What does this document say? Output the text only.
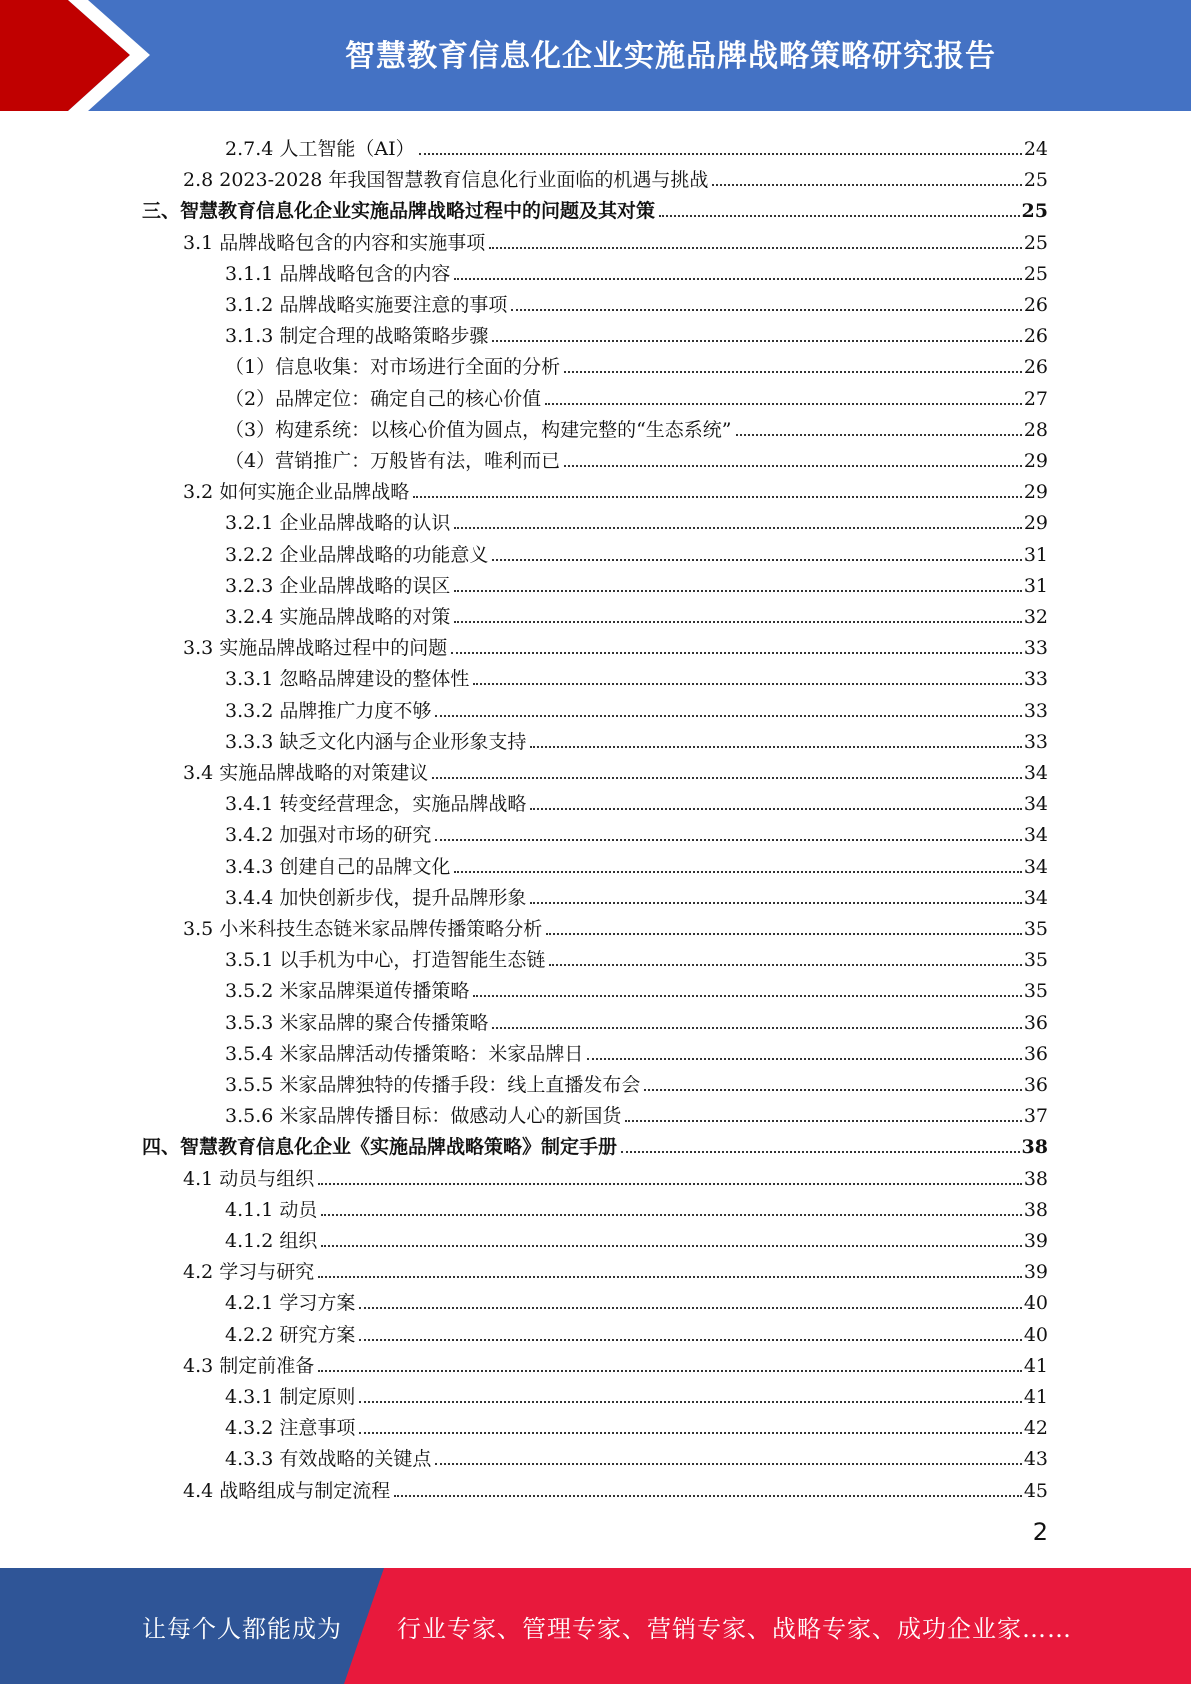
智慧教育信息化企业实施品牌战略策略研究报告
2.7.4 人工智能（AI）	24
2.8 2023-2028 年我国智慧教育信息化行业面临的机遇与挑战	25
三、智慧教育信息化企业实施品牌战略过程中的问题及其对策	25
3.1 品牌战略包含的内容和实施事项	25
3.1.1 品牌战略包含的内容	25
3.1.2 品牌战略实施要注意的事项	26
3.1.3 制定合理的战略策略步骤	26
（1）信息收集：对市场进行全面的分析	26
（2）品牌定位：确定自己的核心价值	27
（3）构建系统：以核心价值为圆点，构建完整的“生态系统”	28
（4）营销推广：万般皆有法，唯利而已	29
3.2 如何实施企业品牌战略	29
3.2.1 企业品牌战略的认识	29
3.2.2 企业品牌战略的功能意义	31
3.2.3 企业品牌战略的误区	31
3.2.4 实施品牌战略的对策	32
3.3 实施品牌战略过程中的问题	33
3.3.1 忽略品牌建设的整体性	33
3.3.2 品牌推广力度不够	33
3.3.3 缺乏文化内涵与企业形象支持	33
3.4 实施品牌战略的对策建议	34
3.4.1 转变经营理念，实施品牌战略	34
3.4.2 加强对市场的研究	34
3.4.3 创建自己的品牌文化	34
3.4.4 加快创新步伐，提升品牌形象	34
3.5 小米科技生态链米家品牌传播策略分析	35
3.5.1 以手机为中心，打造智能生态链	35
3.5.2 米家品牌渠道传播策略	35
3.5.3 米家品牌的聚合传播策略	36
3.5.4 米家品牌活动传播策略：米家品牌日	36
3.5.5 米家品牌独特的传播手段：线上直播发布会	36
3.5.6 米家品牌传播目标：做感动人心的新国货	37
四、智慧教育信息化企业《实施品牌战略策略》制定手册	38
4.1 动员与组织	38
4.1.1 动员	38
4.1.2 组织	39
4.2 学习与研究	39
4.2.1 学习方案	40
4.2.2 研究方案	40
4.3 制定前准备	41
4.3.1 制定原则	41
4.3.2 注意事项	42
4.3.3 有效战略的关键点	43
4.4 战略组成与制定流程	45
2
让每个人都能成为 行业专家、管理专家、营销专家、战略专家、成功企业家……
